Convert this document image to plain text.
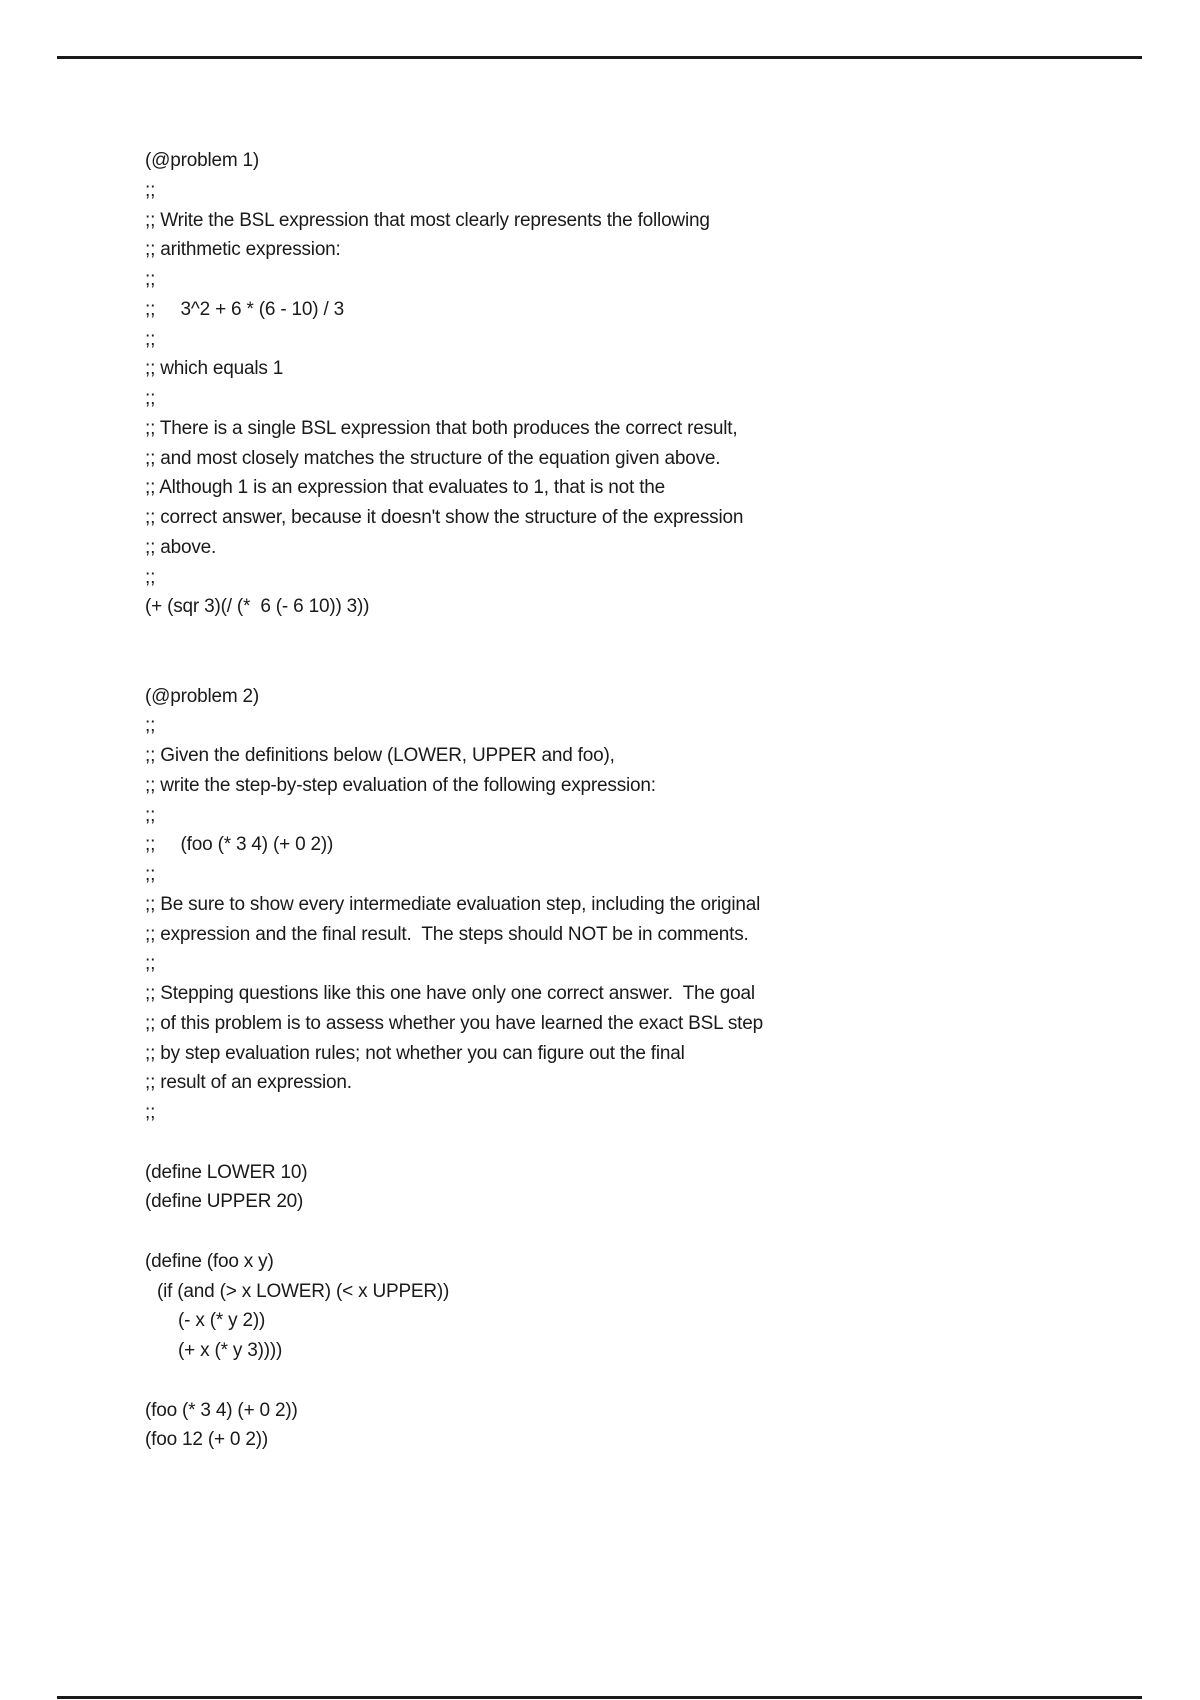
(@problem 1)
;;
;; Write the BSL expression that most clearly represents the following
;; arithmetic expression:
;;
;;     3^2 + 6 * (6 - 10) / 3
;;
;; which equals 1
;;
;; There is a single BSL expression that both produces the correct result,
;; and most closely matches the structure of the equation given above.
;; Although 1 is an expression that evaluates to 1, that is not the
;; correct answer, because it doesn't show the structure of the expression
;; above.
;;
(+ (sqr 3)(/ (*  6 (- 6 10)) 3))
(@problem 2)
;;
;; Given the definitions below (LOWER, UPPER and foo),
;; write the step-by-step evaluation of the following expression:
;;
;;     (foo (* 3 4) (+ 0 2))
;;
;; Be sure to show every intermediate evaluation step, including the original
;; expression and the final result.  The steps should NOT be in comments.
;;
;; Stepping questions like this one have only one correct answer.  The goal
;; of this problem is to assess whether you have learned the exact BSL step
;; by step evaluation rules; not whether you can figure out the final
;; result of an expression.
;;
(define LOWER 10)
(define UPPER 20)
(define (foo x y)
(if (and (> x LOWER) (< x UPPER))
(- x (* y 2))
(+ x (* y 3))))
(foo (* 3 4) (+ 0 2))
(foo 12 (+ 0 2))
